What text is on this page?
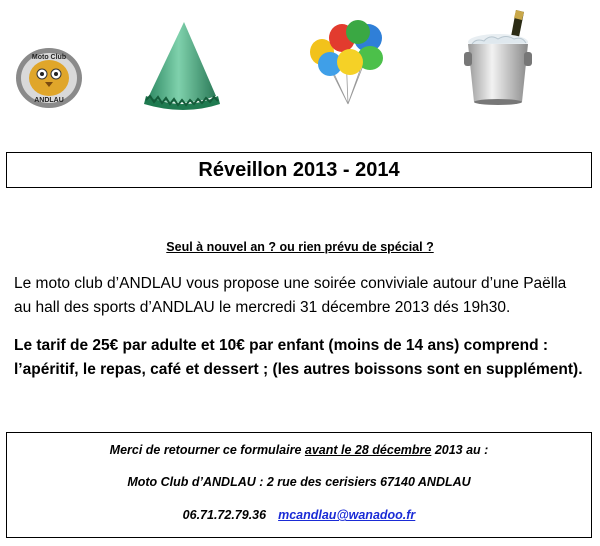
Moto Club
ANDLAU
Réveillon 2013 - 2014
Seul à nouvel an ? ou rien prévu de spécial ?
Le moto club d’ANDLAU vous propose une soirée conviviale autour d’une Paëlla
au hall des sports d’ANDLAU le mercredi 31 décembre 2013 dés 19h30.
Le tarif de 25€ par adulte et 10€ par enfant (moins de 14 ans) comprend :
l’apéritif, le repas, café et dessert ; (les autres boissons sont en supplément).
Merci de retourner ce formulaire avant le 28 décembre 2013 au :
Moto Club d’ANDLAU : 2 rue des cerisiers 67140 ANDLAU
06.71.72.79.36 mcandlau@wanadoo.fr
